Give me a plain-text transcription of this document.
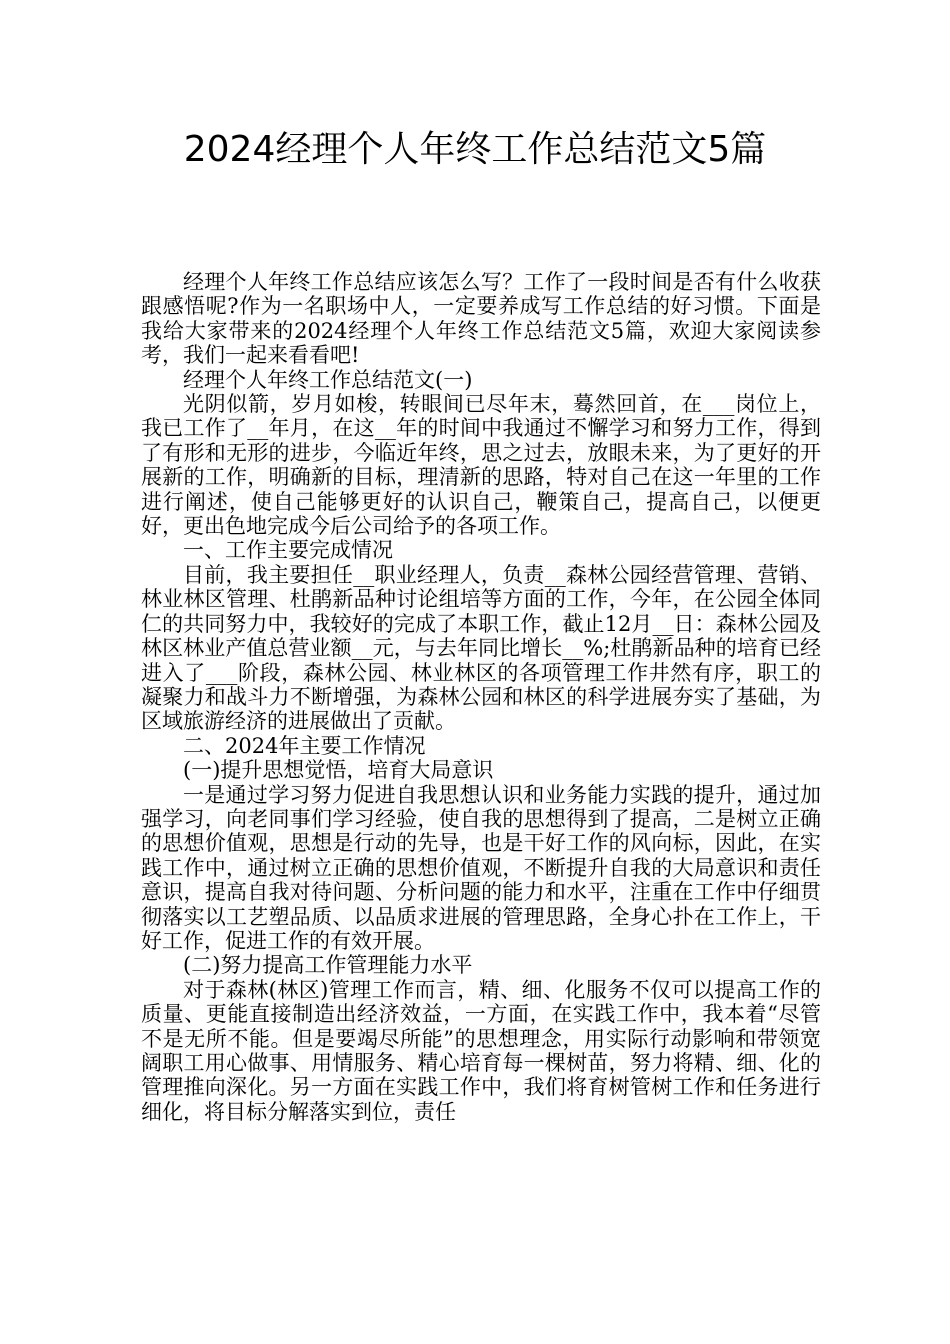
2024经理个人年终工作总结范文5篇

经理个人年终工作总结应该怎么写？工作了一段时间是否有什么收获跟感悟呢?作为一名职场中人，一定要养成写工作总结的好习惯。下面是我给大家带来的2024经理个人年终工作总结范文5篇，欢迎大家阅读参考，我们一起来看看吧!

经理个人年终工作总结范文(一)

光阴似箭，岁月如梭，转眼间已尽年末，蓦然回首，在___岗位上，我已工作了__年月，在这__年的时间中我通过不懈学习和努力工作，得到了有形和无形的进步，今临近年终，思之过去，放眼未来，为了更好的开展新的工作，明确新的目标，理清新的思路，特对自己在这一年里的工作进行阐述，使自己能够更好的认识自己，鞭策自己，提高自己，以便更好，更出色地完成今后公司给予的各项工作。

一、工作主要完成情况

目前，我主要担任__职业经理人，负责__森林公园经营管理、营销、林业林区管理、杜鹃新品种讨论组培等方面的工作，今年，在公园全体同仁的共同努力中，我较好的完成了本职工作，截止12月__日：森林公园及林区林业产值总营业额__元，与去年同比增长__%;杜鹃新品种的培育已经进入了___阶段，森林公园、林业林区的各项管理工作井然有序，职工的凝聚力和战斗力不断增强，为森林公园和林区的科学进展夯实了基础，为区域旅游经济的进展做出了贡献。

二、2024年主要工作情况

(一)提升思想觉悟，培育大局意识

一是通过学习努力促进自我思想认识和业务能力实践的提升，通过加强学习，向老同事们学习经验，使自我的思想得到了提高，二是树立正确的思想价值观，思想是行动的先导，也是干好工作的风向标，因此，在实践工作中，通过树立正确的思想价值观，不断提升自我的大局意识和责任意识，提高自我对待问题、分析问题的能力和水平，注重在工作中仔细贯彻落实以工艺塑品质、以品质求进展的管理思路，全身心扑在工作上，干好工作，促进工作的有效开展。

(二)努力提高工作管理能力水平

对于森林(林区)管理工作而言，精、细、化服务不仅可以提高工作的质量、更能直接制造出经济效益，一方面，在实践工作中，我本着“尽管不是无所不能。但是要竭尽所能”的思想理念，用实际行动影响和带领宽阔职工用心做事、用情服务、精心培育每一棵树苗，努力将精、细、化的管理推向深化。另一方面在实践工作中，我们将育树管树工作和任务进行细化，将目标分解落实到位，责任
